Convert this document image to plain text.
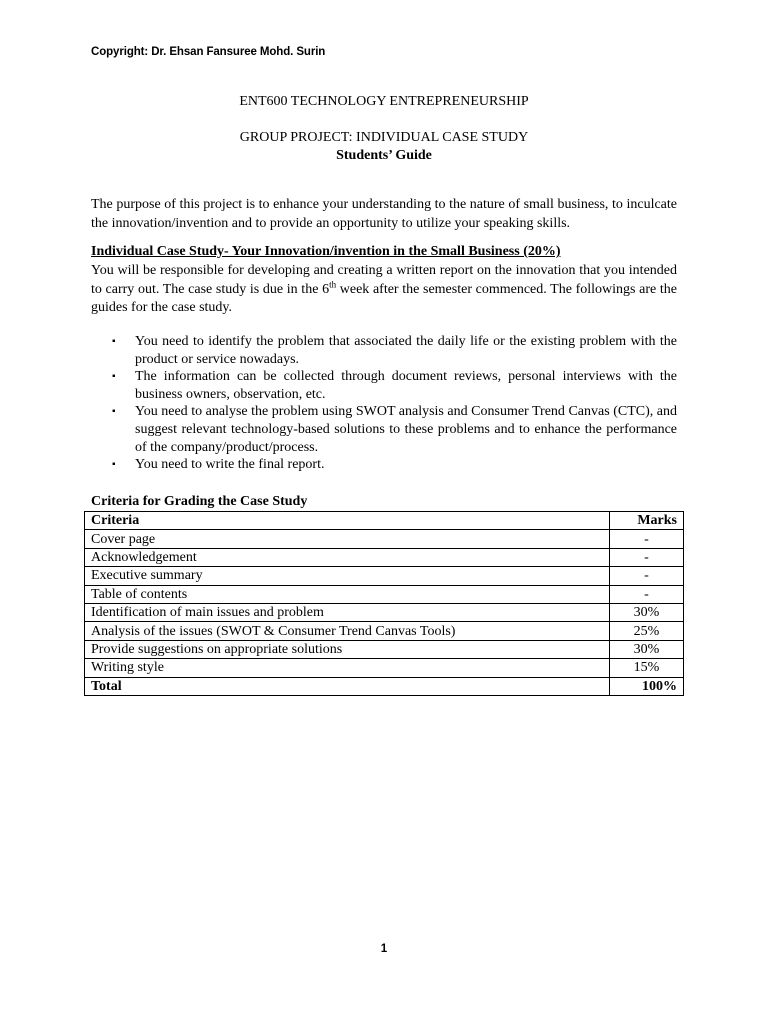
Copyright: Dr. Ehsan Fansuree Mohd. Surin
ENT600 TECHNOLOGY ENTREPRENEURSHIP
GROUP PROJECT: INDIVIDUAL CASE STUDY
Students’ Guide
The purpose of this project is to enhance your understanding to the nature of small business, to inculcate the innovation/invention and to provide an opportunity to utilize your speaking skills.
Individual Case Study- Your Innovation/invention in the Small Business (20%)
You will be responsible for developing and creating a written report on the innovation that you intended to carry out. The case study is due in the 6th week after the semester commenced. The followings are the guides for the case study.
▪ You need to identify the problem that associated the daily life or the existing problem with the product or service nowadays.
▪ The information can be collected through document reviews, personal interviews with the business owners, observation, etc.
▪ You need to analyse the problem using SWOT analysis and Consumer Trend Canvas (CTC), and suggest relevant technology-based solutions to these problems and to enhance the performance of the company/product/process.
▪ You need to write the final report.
Criteria for Grading the Case Study
Criteria	Marks
Cover page	-
Acknowledgement	-
Executive summary	-
Table of contents	-
Identification of main issues and problem	30%
Analysis of the issues (SWOT & Consumer Trend Canvas Tools)	25%
Provide suggestions on appropriate solutions	30%
Writing style	15%
Total	100%
1
